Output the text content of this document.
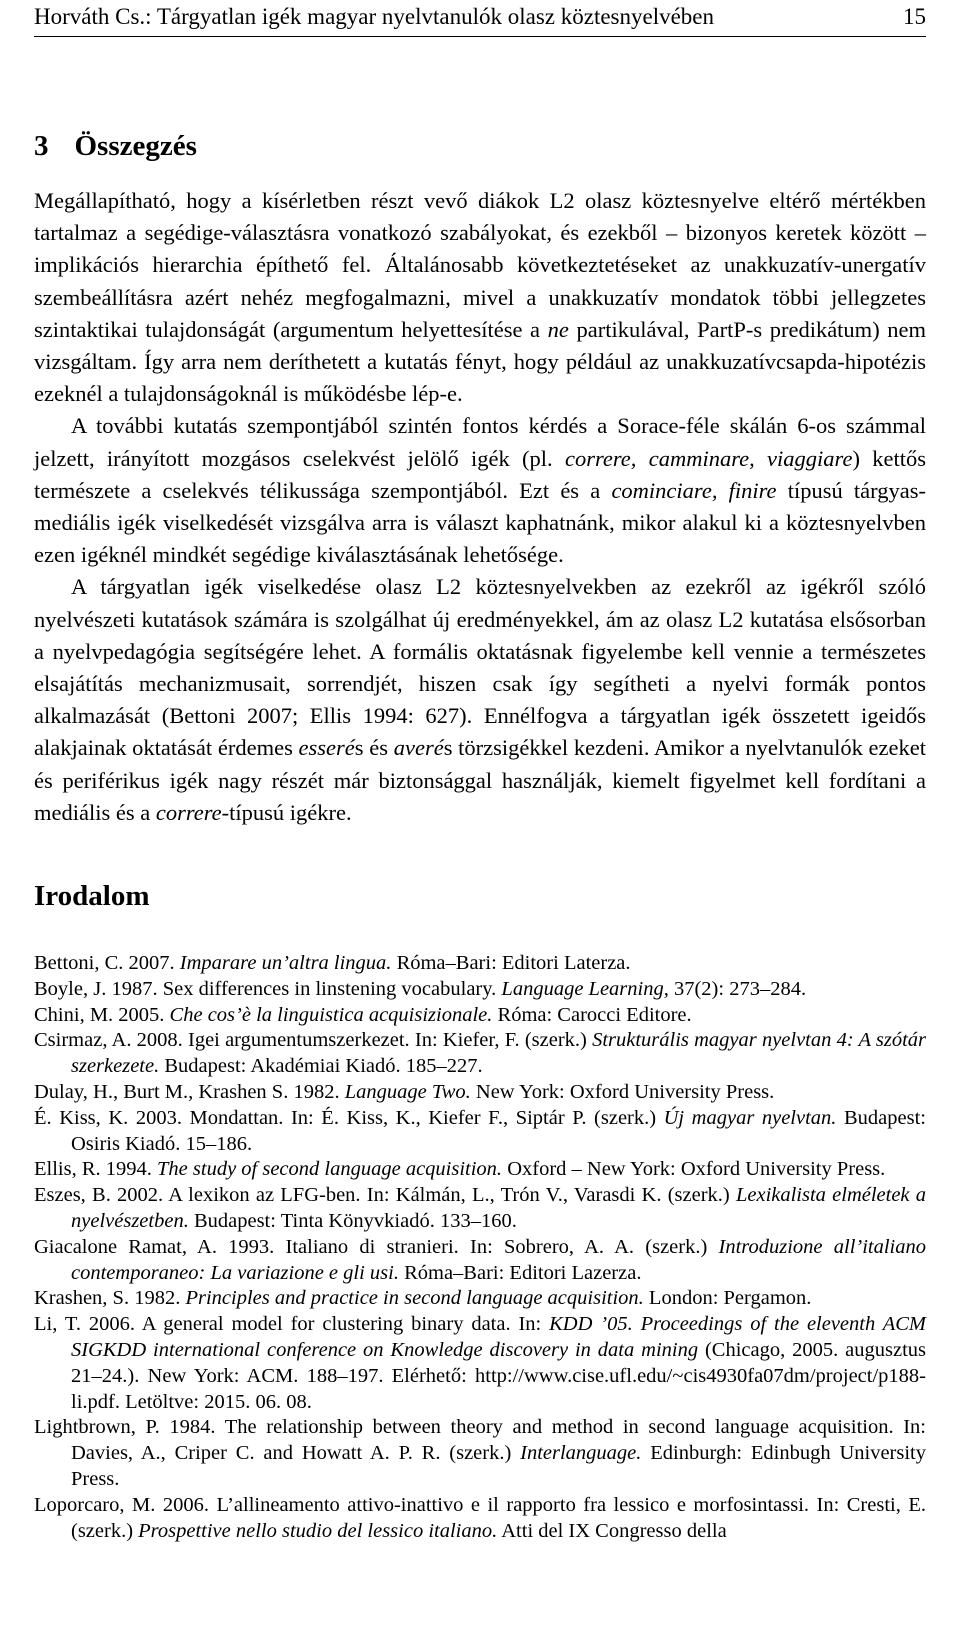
Horváth Cs.: Tárgyatlan igék magyar nyelvtanulók olasz köztesnyelvében	15
3 Összegzés

Megállapítható, hogy a kísérletben részt vevő diákok L2 olasz köztesnyelve eltérő mértékben tartalmaz a segédige-választásra vonatkozó szabályokat, és ezekből – bizonyos keretek között – implikációs hierarchia építhető fel. Általánosabb következtetéseket az unakkuzatív-unergatív szembeállításra azért nehéz megfogalmazni, mivel a unakkuzatív mondatok többi jellegzetes szintaktikai tulajdonságát (argumentum helyettesítése a ne partikulával, PartP-s predikátum) nem vizsgáltam. Így arra nem deríthetett a kutatás fényt, hogy például az unakkuzatívcsapda-hipotézis ezeknél a tulajdonságoknál is működésbe lép-e.

A további kutatás szempontjából szintén fontos kérdés a Sorace-féle skálán 6-os számmal jelzett, irányított mozgásos cselekvést jelölő igék (pl. correre, camminare, viaggiare) kettős természete a cselekvés télikussága szempontjából. Ezt és a cominciare, finire típusú tárgyas-mediális igék viselkedését vizsgálva arra is választ kaphatnánk, mikor alakul ki a köztesnyelvben ezen igéknél mindkét segédige kiválasztásának lehetősége.

A tárgyatlan igék viselkedése olasz L2 köztesnyelvekben az ezekről az igékről szóló nyelvészeti kutatások számára is szolgálhat új eredményekkel, ám az olasz L2 kutatása elsősorban a nyelvpedagógia segítségére lehet. A formális oktatásnak figyelembe kell vennie a természetes elsajátítás mechanizmusait, sorrendjét, hiszen csak így segítheti a nyelvi formák pontos alkalmazását (Bettoni 2007; Ellis 1994: 627). Ennélfogva a tárgyatlan igék összetett igeidős alakjainak oktatását érdemes esserés és averés törzsigékkel kezdeni. Amikor a nyelvtanulók ezeket és periférikus igék nagy részét már biztonsággal használják, kiemelt figyelmet kell fordítani a mediális és a correre-típusú igékre.

Irodalom

Bettoni, C. 2007. Imparare un’altra lingua. Róma–Bari: Editori Laterza.

Boyle, J. 1987. Sex differences in linstening vocabulary. Language Learning, 37(2): 273–284.

Chini, M. 2005. Che cos’è la linguistica acquisizionale. Róma: Carocci Editore.

Csirmaz, A. 2008. Igei argumentumszerkezet. In: Kiefer, F. (szerk.) Strukturális magyar nyelvtan 4: A szótár szerkezete. Budapest: Akadémiai Kiadó. 185–227.

Dulay, H., Burt M., Krashen S. 1982. Language Two. New York: Oxford University Press.

É. Kiss, K. 2003. Mondattan. In: É. Kiss, K., Kiefer F., Siptár P. (szerk.) Új magyar nyelvtan. Budapest: Osiris Kiadó. 15–186.

Ellis, R. 1994. The study of second language acquisition. Oxford – New York: Oxford University Press.

Eszes, B. 2002. A lexikon az LFG-ben. In: Kálmán, L., Trón V., Varasdi K. (szerk.) Lexikalista elméletek a nyelvészetben. Budapest: Tinta Könyvkiadó. 133–160.

Giacalone Ramat, A. 1993. Italiano di stranieri. In: Sobrero, A. A. (szerk.) Introduzione all’italiano contemporaneo: La variazione e gli usi. Róma–Bari: Editori Lazerza.

Krashen, S. 1982. Principles and practice in second language acquisition. London: Pergamon.

Li, T. 2006. A general model for clustering binary data. In: KDD ’05. Proceedings of the eleventh ACM SIGKDD international conference on Knowledge discovery in data mining (Chicago, 2005. augusztus 21–24.). New York: ACM. 188–197. Elérhető: http://www.cise.ufl.edu/~cis4930fa07dm/project/p188-li.pdf. Letöltve: 2015. 06. 08.

Lightbrown, P. 1984. The relationship between theory and method in second language acquisition. In: Davies, A., Criper C. and Howatt A. P. R. (szerk.) Interlanguage. Edinburgh: Edinbugh University Press.

Loporcaro, M. 2006. L’allineamento attivo-inattivo e il rapporto fra lessico e morfosintassi. In: Cresti, E. (szerk.) Prospettive nello studio del lessico italiano. Atti del IX Congresso della
